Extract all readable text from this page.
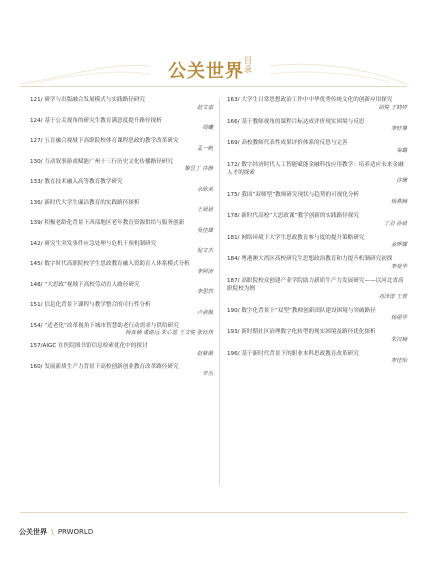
公关世界
目录
121/ 研学与出版融合发展模式与实践路径研究
赵文嘉
124/ 基于公关视角的研究生教育满意度提升路径探析
周曦
127/ 五育融合视域下高职院校体育课程思政的教学改革研究
孟一帆
130/ 互动叙事游戏赋能广州十三行历史文化传播路径研究
黎昱丁 许静
133/ 教育技术融入高等教育教学研究
余陈美
136/ 新时代大学生廉洁教育的实践路径探析
王晨晨
139/ 积极老龄化背景下西部地区老年教育资源供给与服务创新
吴佳雄
142/ 研究生突发事件应急处理与危机干预机制研究
倪文杰
145/ 数字时代高职院校学生思政教育融入资助育人体系模式分析
李阿涛
148/ “大思政”视域下高校劳动育人路径研究
李思然
151/ 信息化背景下课程与教学整合的可行性分析
卢淑佩
154/ “适老化”改革视角下城市智慧助老行动需求与供给研究
杨亚楠 董路远 朱心蕊 王文悦 张钰伟
157/AIGC 在医院图书馆信息检索优化中的探讨
赵紫薇
160/ 发展新质生产力背景下高校创新创业教育改革路径研究
辛丛
163/ 大学生日常思想政治工作中中华优秀传统文化的创新应用探究
胡悦 王晓婷
166/ 基于教师视角的课程目标达成评价现实困境与反思
李旺琳
169/ 高校教师代表性成果评价体系的反思与完善
秦璐
172/ 数字经济时代人工智能赋能金融科技应用教学：培养适应未来金融人才的探索
许珊
175/ 我国“双师型”教师研究现状与趋势的可视化分析
杨燕楠
178/ 新时代高校“大思政课”教学创新的实践路径探究
丁羽 孙晨
181/ 网络环境下大学生思政教育参与度的提升策略研究
金晔娜
184/ 粤港澳大湾区高校研究生思想政治教育和力提升机制研究初探
李曼华
187/ 高职院校众创建产业学院助力新质生产力发展研究——以河北省高职院校为例
刘泽淳 王蓉
190/ 数字化背景下“双型”教师创新团队建设困境与突破路径
杨丽华
193/ 新时期社区治理数字化转型的现实困境及路径优化探析
朱汉楠
196/ 基于新时代背景下的职业本科思政教育改革研究
李佳怡
公关世界 \ PRWORLD
